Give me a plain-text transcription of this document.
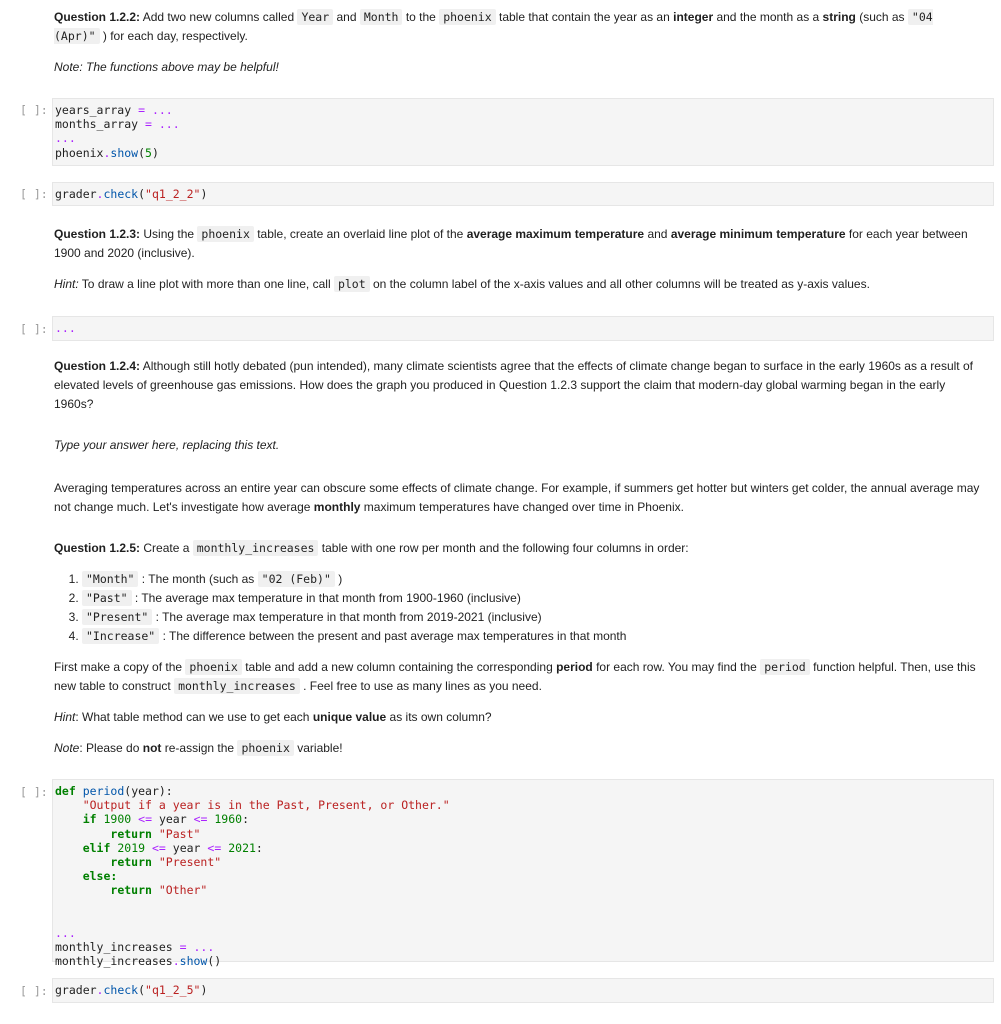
Question 1.2.2: Add two new columns called Year and Month to the phoenix table that contain the year as an integer and the month as a string (such as "04 (Apr)" ) for each day, respectively.

Note: The functions above may be helpful!

[ ]: years_array = ...
months_array = ...
...
phoenix.show(5)
[ ]: grader.check("q1_2_2")

Question 1.2.3: Using the phoenix table, create an overlaid line plot of the average maximum temperature and average minimum temperature for each year between 1900 and 2020 (inclusive).

Hint: To draw a line plot with more than one line, call plot on the column label of the x-axis values and all other columns will be treated as y-axis values.

[ ]: ...

Question 1.2.4: Although still hotly debated (pun intended), many climate scientists agree that the effects of climate change began to surface in the early 1960s as a result of elevated levels of greenhouse gas emissions. How does the graph you produced in Question 1.2.3 support the claim that modern-day global warming began in the early 1960s?

Type your answer here, replacing this text.

Averaging temperatures across an entire year can obscure some effects of climate change. For example, if summers get hotter but winters get colder, the annual average may not change much. Let's investigate how average monthly maximum temperatures have changed over time in Phoenix.

Question 1.2.5: Create a monthly_increases table with one row per month and the following four columns in order:

1. "Month" : The month (such as "02 (Feb)" )
2. "Past" : The average max temperature in that month from 1900-1960 (inclusive)
3. "Present" : The average max temperature in that month from 2019-2021 (inclusive)
4. "Increase" : The difference between the present and past average max temperatures in that month

First make a copy of the phoenix table and add a new column containing the corresponding period for each row. You may find the period function helpful. Then, use this new table to construct monthly_increases . Feel free to use as many lines as you need.

Hint: What table method can we use to get each unique value as its own column?

Note: Please do not re-assign the phoenix variable!

[ ]: def period(year):
"Output if a year is in the Past, Present, or Other."
if 1900 <= year <= 1960:
return "Past"
elif 2019 <= year <= 2021:
return "Present"
else:
return "Other"

...
monthly_increases = ...
monthly_increases.show()
[ ]: grader.check("q1_2_5")
